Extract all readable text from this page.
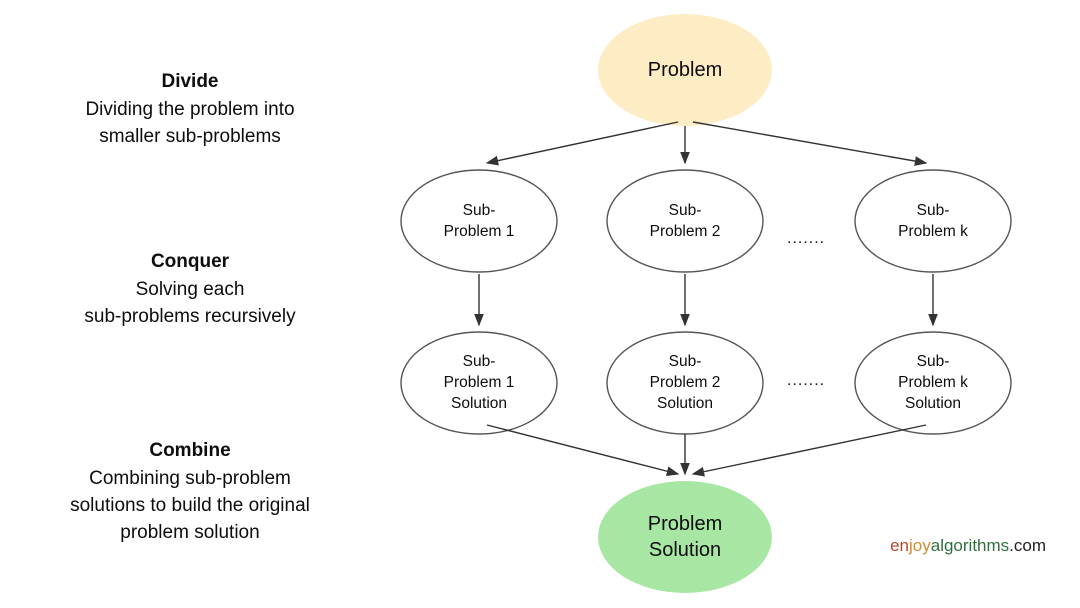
Divide
Dividing the problem into
smaller sub-problems
Conquer
Solving each
sub-problems recursively
Combine
Combining sub-problem
solutions to build the original
problem solution
Problem
Sub-
Problem 1
Sub-
Problem 2
Sub-
Problem k
.......
Sub-
Problem 1
Solution
Sub-
Problem 2
Solution
Sub-
Problem k
Solution
.......
Problem
Solution	enjoyalgorithms.com
